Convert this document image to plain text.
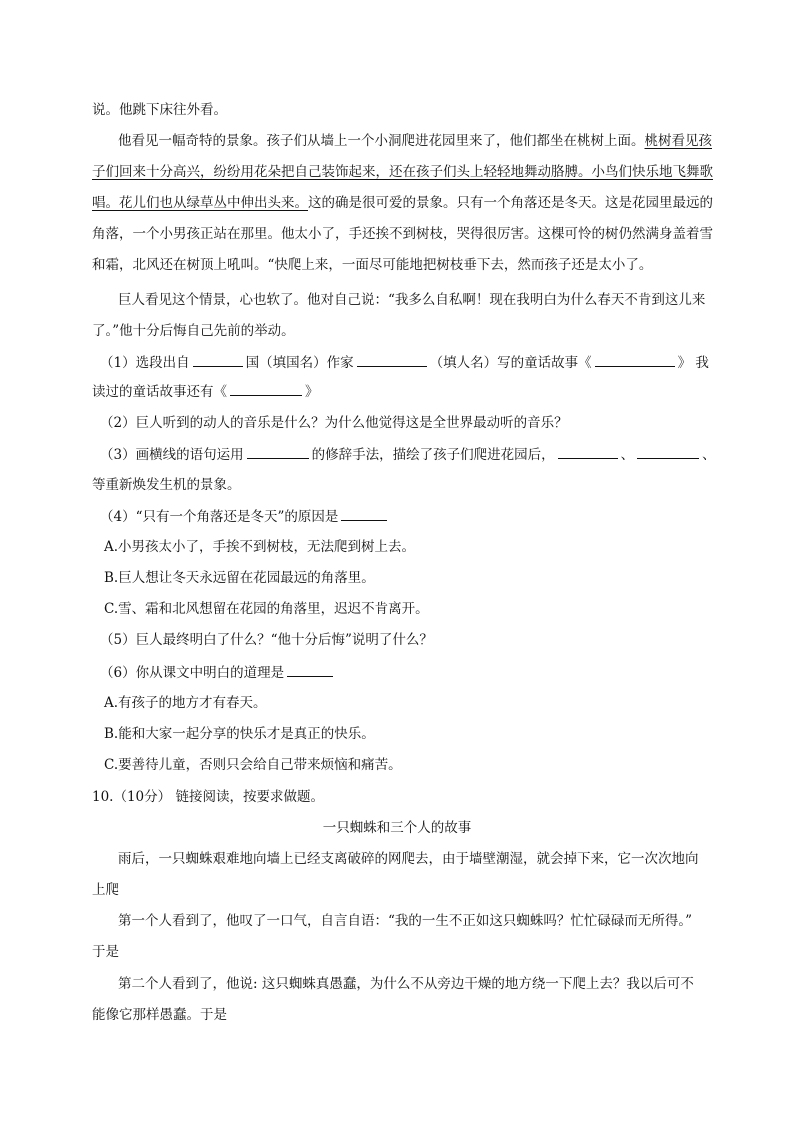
说。他跳下床往外看。
他看见一幅奇特的景象。孩子们从墙上一个小洞爬进花园里来了，他们都坐在桃树上面。桃树看见孩
子们回来十分高兴，纷纷用花朵把自己装饰起来，还在孩子们头上轻轻地舞动胳膊。小鸟们快乐地飞舞歌
唱。花儿们也从绿草丛中伸出头来。这的确是很可爱的景象。只有一个角落还是冬天。这是花园里最远的
角落，一个小男孩正站在那里。他太小了，手还挨不到树枝，哭得很厉害。这棵可怜的树仍然满身盖着雪
和霜，北风还在树顶上吼叫。“快爬上来，一面尽可能地把树枝垂下去，然而孩子还是太小了。
巨人看见这个情景，心也软了。他对自己说：“我多么自私啊！现在我明白为什么春天不肯到这儿来
了。”他十分后悔自己先前的举动。
（1）选段出自	国（填国名）作家	（填人名）写的童话故事《	》 我
读过的童话故事还有《	》
（2）巨人听到的动人的音乐是什么？为什么他觉得这是全世界最动听的音乐？
（3）画横线的语句运用	的修辞手法，描绘了孩子们爬进花园后，	、	、
等重新焕发生机的景象。
（4）“只有一个角落还是冬天”的原因是
A.小男孩太小了，手挨不到树枝，无法爬到树上去。
B.巨人想让冬天永远留在花园最远的角落里。
C.雪、霜和北风想留在花园的角落里，迟迟不肯离开。
（5）巨人最终明白了什么？“他十分后悔”说明了什么？
（6）你从课文中明白的道理是
A.有孩子的地方才有春天。
B.能和大家一起分享的快乐才是真正的快乐。
C.要善待儿童，否则只会给自己带来烦恼和痛苦。
10.（10分） 链接阅读，按要求做题。
一只蜘蛛和三个人的故事
雨后，一只蜘蛛艰难地向墙上已经支离破碎的网爬去，由于墙壁潮湿，就会掉下来，它一次次地向
上爬
第一个人看到了，他叹了一口气，自言自语：“我的一生不正如这只蜘蛛吗？忙忙碌碌而无所得。”
于是
第二个人看到了，他说: 这只蜘蛛真愚蠢，为什么不从旁边干燥的地方绕一下爬上去？我以后可不
能像它那样愚蠢。于是
